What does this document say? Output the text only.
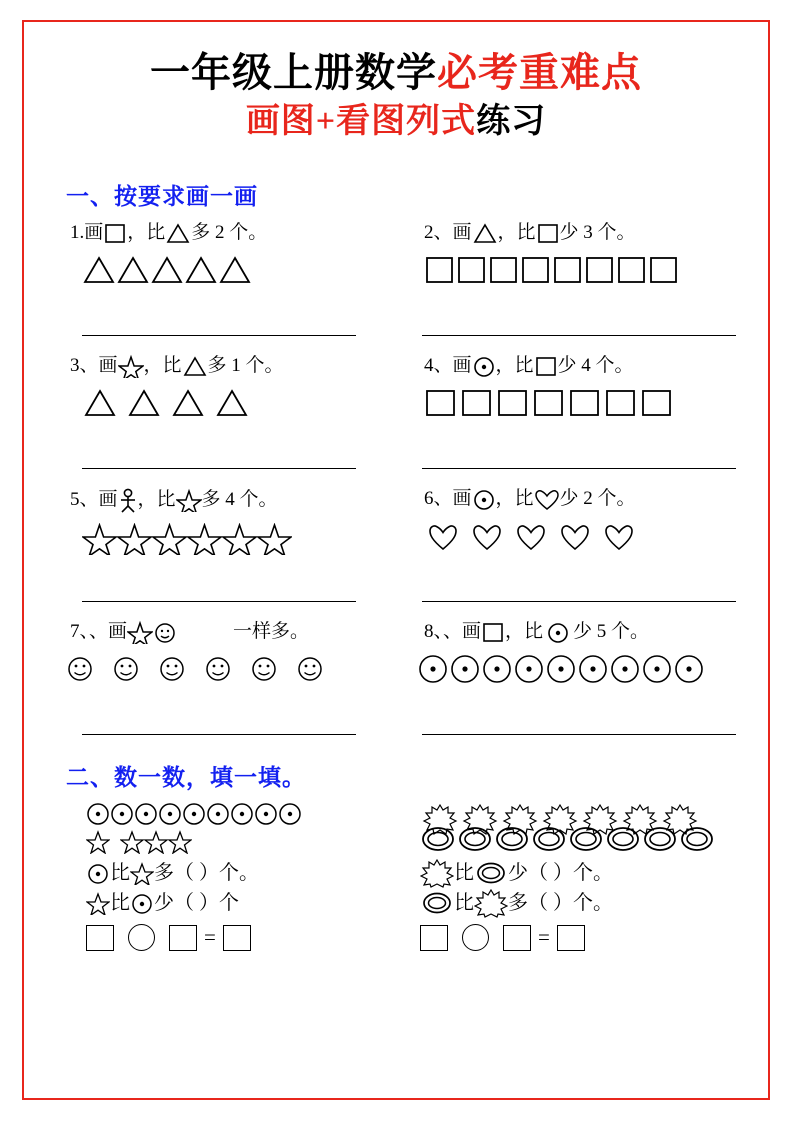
一年级上册数学必考重难点
画图+看图列式练习
一、按要求画一画
1.画 ，比 多 2 个。	2、画 ，比 少 3 个。
3、画 ，比 多 1 个。	4、画 ，比 少 4 个。
5、画 ，比 多 4 个。	6、画 ，比 少 2 个。
7、、画	一样多。	8、、画 ，比 少 5 个。
二、数一数，填一填。
比 多（ ）个。
比 少（ ）个
=
比 少（ ）个。
比 多（ ）个。
=
